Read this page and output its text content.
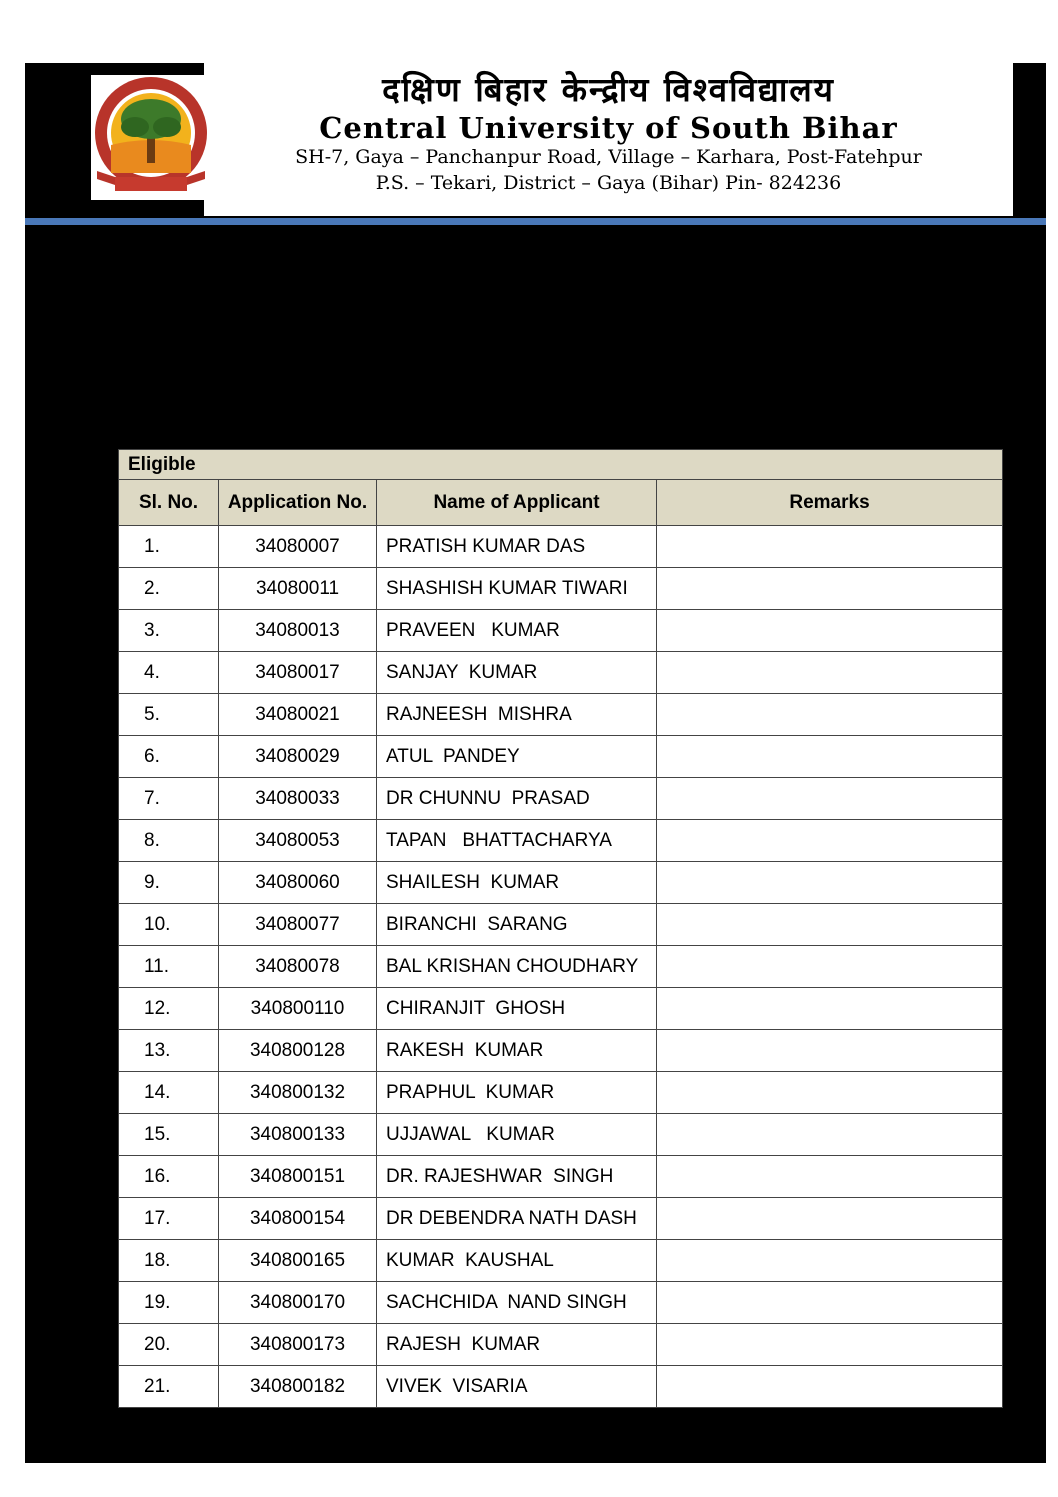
दक्षिण बिहार केन्द्रीय विश्वविद्यालय
Central University of South Bihar
SH-7, Gaya – Panchanpur Road, Village – Karhara, Post-Fatehpur
P.S. – Tekari, District – Gaya (Bihar) Pin- 824236
Eligible			
Sl. No.	Application No.	Name of Applicant	Remarks
1.	34080007	PRATISH KUMAR DAS	
2.	34080011	SHASHISH KUMAR TIWARI	
3.	34080013	PRAVEEN   KUMAR	
4.	34080017	SANJAY  KUMAR	
5.	34080021	RAJNEESH  MISHRA	
6.	34080029	ATUL  PANDEY	
7.	34080033	DR CHUNNU  PRASAD	
8.	34080053	TAPAN   BHATTACHARYA	
9.	34080060	SHAILESH  KUMAR	
10.	34080077	BIRANCHI  SARANG	
11.	34080078	BAL KRISHAN CHOUDHARY	
12.	340800110	CHIRANJIT  GHOSH	
13.	340800128	RAKESH  KUMAR	
14.	340800132	PRAPHUL  KUMAR	
15.	340800133	UJJAWAL   KUMAR	
16.	340800151	DR. RAJESHWAR  SINGH	
17.	340800154	DR DEBENDRA NATH DASH	
18.	340800165	KUMAR  KAUSHAL	
19.	340800170	SACHCHIDA  NAND SINGH	
20.	340800173	RAJESH  KUMAR	
21.	340800182	VIVEK  VISARIA	
